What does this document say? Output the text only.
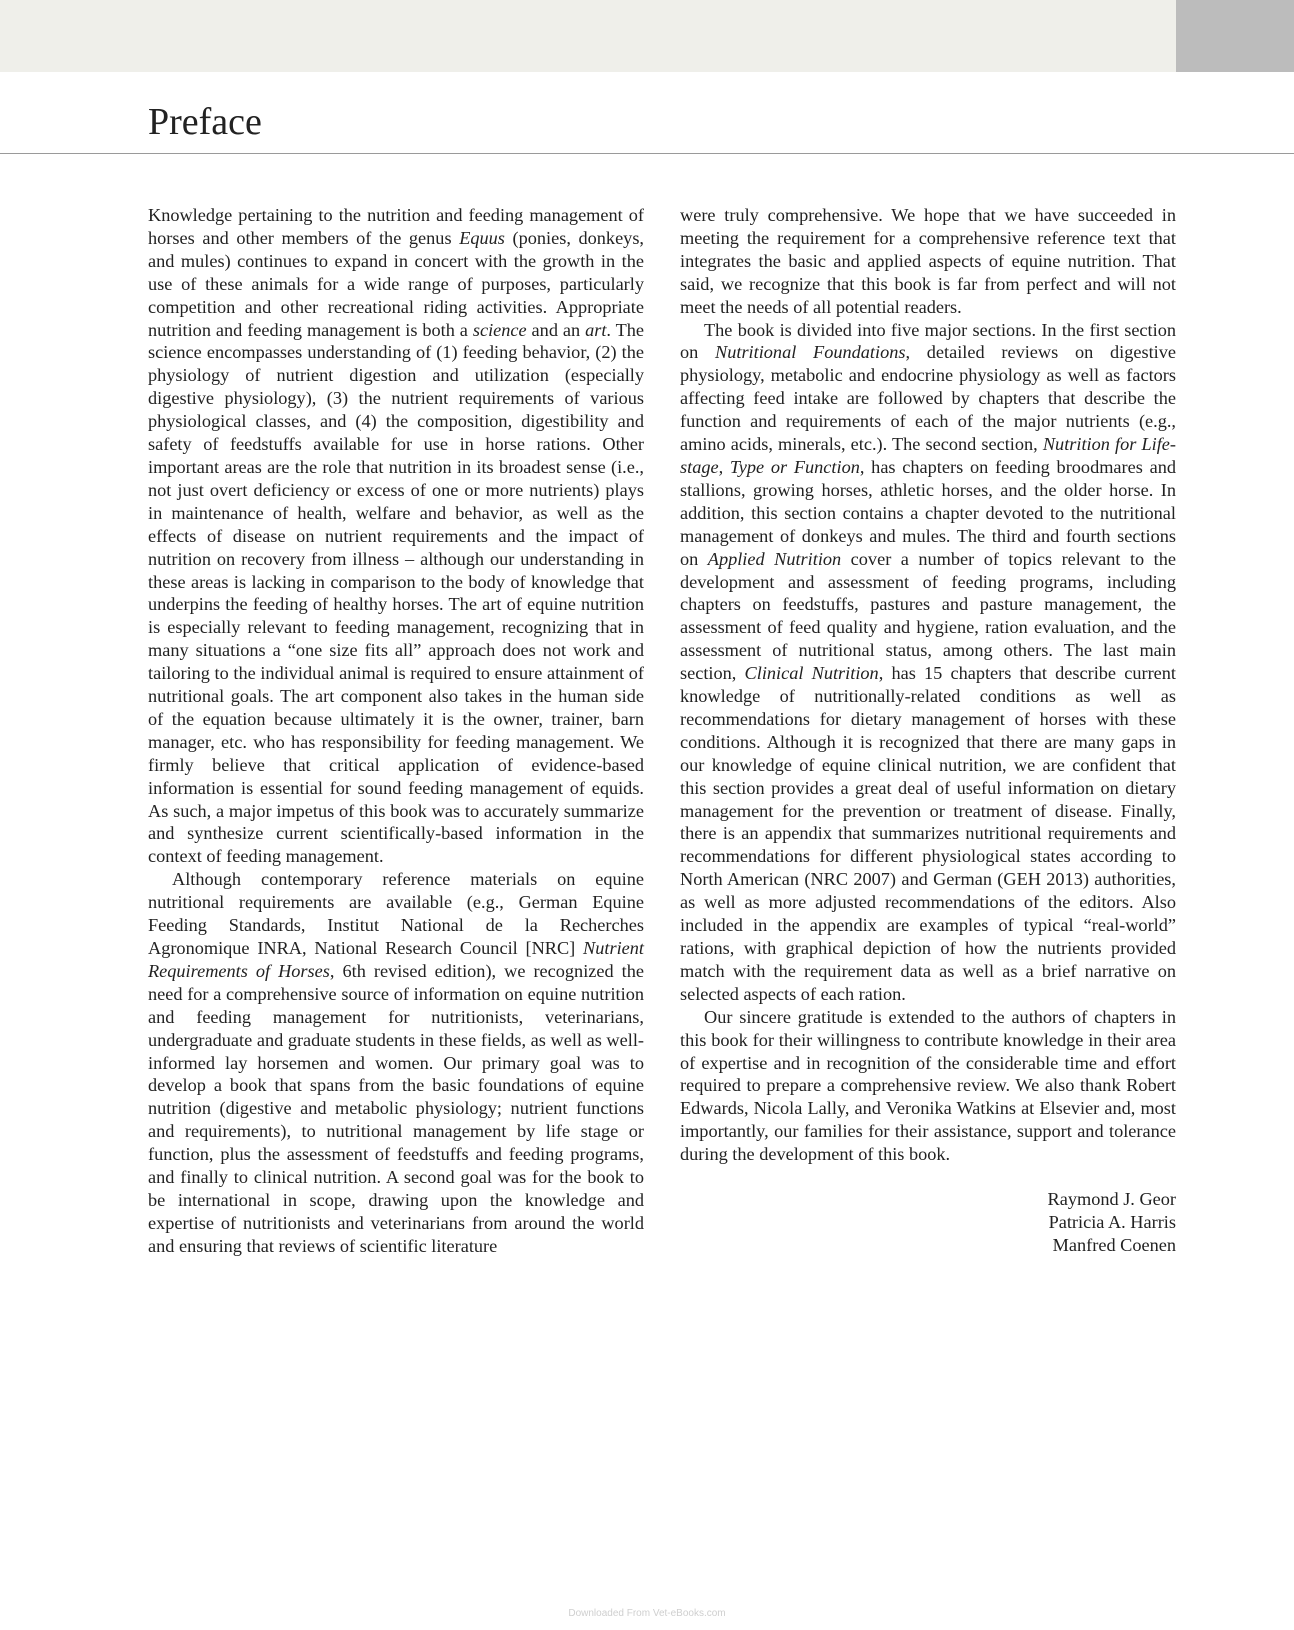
Preface

Knowledge pertaining to the nutrition and feeding management of horses and other members of the genus Equus (ponies, donkeys, and mules) continues to expand in concert with the growth in the use of these animals for a wide range of purposes, particularly competition and other recreational riding activities. Appropriate nutrition and feeding management is both a science and an art. The science encompasses understanding of (1) feeding behavior, (2) the physiology of nutrient digestion and utilization (especially digestive physiology), (3) the nutrient requirements of various physiological classes, and (4) the composition, digestibility and safety of feedstuffs available for use in horse rations. Other important areas are the role that nutrition in its broadest sense (i.e., not just overt deficiency or excess of one or more nutrients) plays in maintenance of health, welfare and behavior, as well as the effects of disease on nutrient requirements and the impact of nutrition on recovery from illness – although our understanding in these areas is lacking in comparison to the body of knowledge that underpins the feeding of healthy horses. The art of equine nutrition is especially relevant to feeding management, recognizing that in many situations a “one size fits all” approach does not work and tailoring to the individual animal is required to ensure attainment of nutritional goals. The art component also takes in the human side of the equation because ultimately it is the owner, trainer, barn manager, etc. who has responsibility for feeding management. We firmly believe that critical application of evidence-based information is essential for sound feeding management of equids. As such, a major impetus of this book was to accurately summarize and synthesize current scientifically-based information in the context of feeding management.

Although contemporary reference materials on equine nutritional requirements are available (e.g., German Equine Feeding Standards, Institut National de la Recherches Agronomique INRA, National Research Council [NRC] Nutrient Requirements of Horses, 6th revised edition), we recognized the need for a comprehensive source of information on equine nutrition and feeding management for nutritionists, veterinarians, undergraduate and graduate students in these fields, as well as well-informed lay horsemen and women. Our primary goal was to develop a book that spans from the basic foundations of equine nutrition (digestive and metabolic physiology; nutrient functions and requirements), to nutritional management by life stage or function, plus the assessment of feedstuffs and feeding programs, and finally to clinical nutrition. A second goal was for the book to be international in scope, drawing upon the knowledge and expertise of nutritionists and veterinarians from around the world and ensuring that reviews of scientific literature

were truly comprehensive. We hope that we have succeeded in meeting the requirement for a comprehensive reference text that integrates the basic and applied aspects of equine nutrition. That said, we recognize that this book is far from perfect and will not meet the needs of all potential readers.

The book is divided into five major sections. In the first section on Nutritional Foundations, detailed reviews on digestive physiology, metabolic and endocrine physiology as well as factors affecting feed intake are followed by chapters that describe the function and requirements of each of the major nutrients (e.g., amino acids, minerals, etc.). The second section, Nutrition for Life-stage, Type or Function, has chapters on feeding broodmares and stallions, growing horses, athletic horses, and the older horse. In addition, this section contains a chapter devoted to the nutritional management of donkeys and mules. The third and fourth sections on Applied Nutrition cover a number of topics relevant to the development and assessment of feeding programs, including chapters on feedstuffs, pastures and pasture management, the assessment of feed quality and hygiene, ration evaluation, and the assessment of nutritional status, among others. The last main section, Clinical Nutrition, has 15 chapters that describe current knowledge of nutritionally-related conditions as well as recommendations for dietary management of horses with these conditions. Although it is recognized that there are many gaps in our knowledge of equine clinical nutrition, we are confident that this section provides a great deal of useful information on dietary management for the prevention or treatment of disease. Finally, there is an appendix that summarizes nutritional requirements and recommendations for different physiological states according to North American (NRC 2007) and German (GEH 2013) authorities, as well as more adjusted recommendations of the editors. Also included in the appendix are examples of typical “real-world” rations, with graphical depiction of how the nutrients provided match with the requirement data as well as a brief narrative on selected aspects of each ration.

Our sincere gratitude is extended to the authors of chapters in this book for their willingness to contribute knowledge in their area of expertise and in recognition of the considerable time and effort required to prepare a comprehensive review. We also thank Robert Edwards, Nicola Lally, and Veronika Watkins at Elsevier and, most importantly, our families for their assistance, support and tolerance during the development of this book.

Raymond J. Geor
Patricia A. Harris
Manfred Coenen
Downloaded From Vet-eBooks.com
